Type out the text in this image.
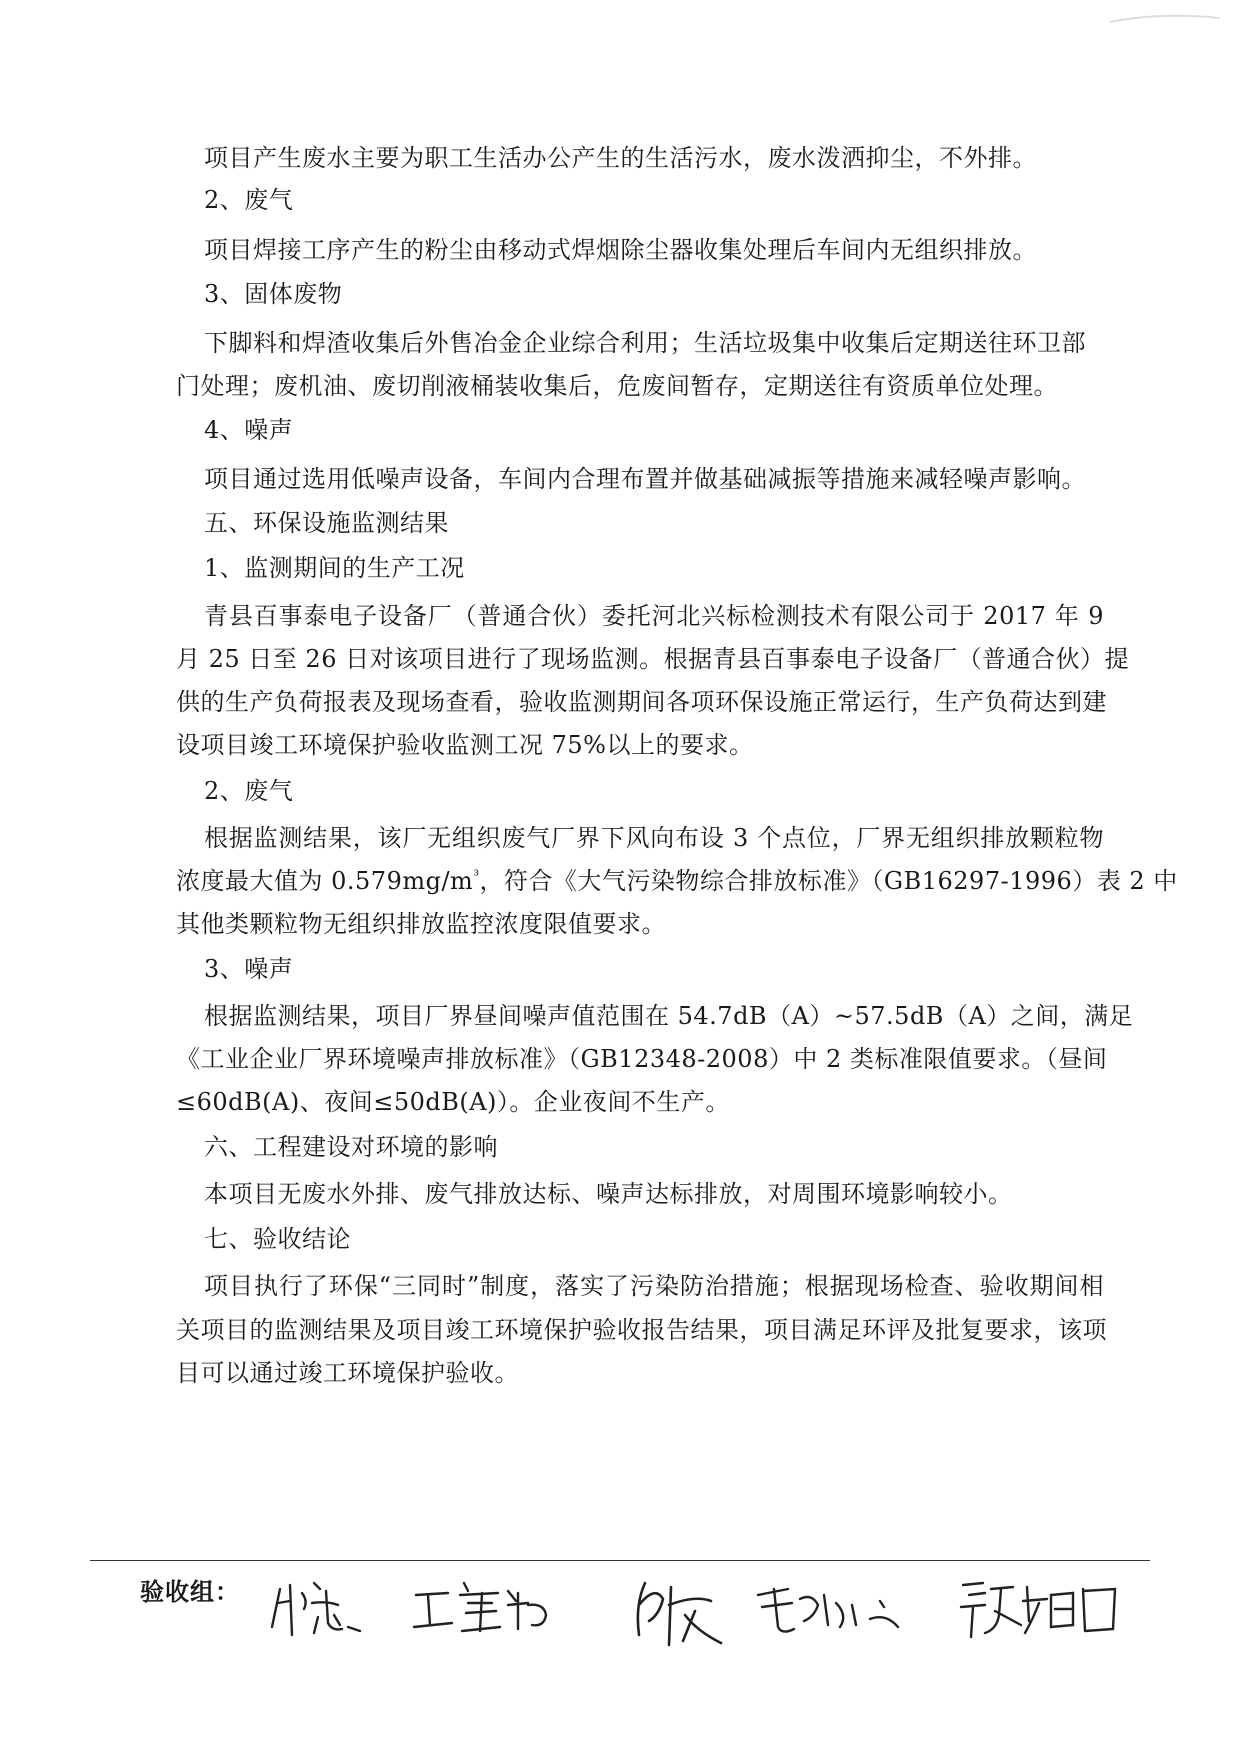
项目产生废水主要为职工生活办公产生的生活污水，废水泼洒抑尘，不外排。
2、废气
项目焊接工序产生的粉尘由移动式焊烟除尘器收集处理后车间内无组织排放。
3、固体废物
下脚料和焊渣收集后外售冶金企业综合利用；生活垃圾集中收集后定期送往环卫部
门处理；废机油、废切削液桶装收集后，危废间暂存，定期送往有资质单位处理。
4、噪声
项目通过选用低噪声设备，车间内合理布置并做基础减振等措施来减轻噪声影响。
五、环保设施监测结果
1、监测期间的生产工况
青县百事泰电子设备厂（普通合伙）委托河北兴标检测技术有限公司于 2017 年 9
月 25 日至 26 日对该项目进行了现场监测。根据青县百事泰电子设备厂（普通合伙）提
供的生产负荷报表及现场查看，验收监测期间各项环保设施正常运行，生产负荷达到建
设项目竣工环境保护验收监测工况 75%以上的要求。
2、废气
根据监测结果，该厂无组织废气厂界下风向布设 3 个点位，厂界无组织排放颗粒物
浓度最大值为 $0.579mg/m^{^3}$，符合《大气污染物综合排放标准》（GB16297-1996）表 2 中
其他类颗粒物无组织排放监控浓度限值要求。
3、噪声
根据监测结果，项目厂界昼间噪声值范围在 54.7dB（A）~57.5dB（A）之间，满足
《工业企业厂界环境噪声排放标准》（GB12348-2008）中 2 类标准限值要求。（昼间
≤60dB(A)、夜间≤50dB(A)）。企业夜间不生产。
六、工程建设对环境的影响
本项目无废水外排、废气排放达标、噪声达标排放，对周围环境影响较小。
七、验收结论
项目执行了环保“三同时”制度，落实了污染防治措施；根据现场检查、验收期间相
关项目的监测结果及项目竣工环境保护验收报告结果，项目满足环评及批复要求，该项
目可以通过竣工环境保护验收。
验收组：
